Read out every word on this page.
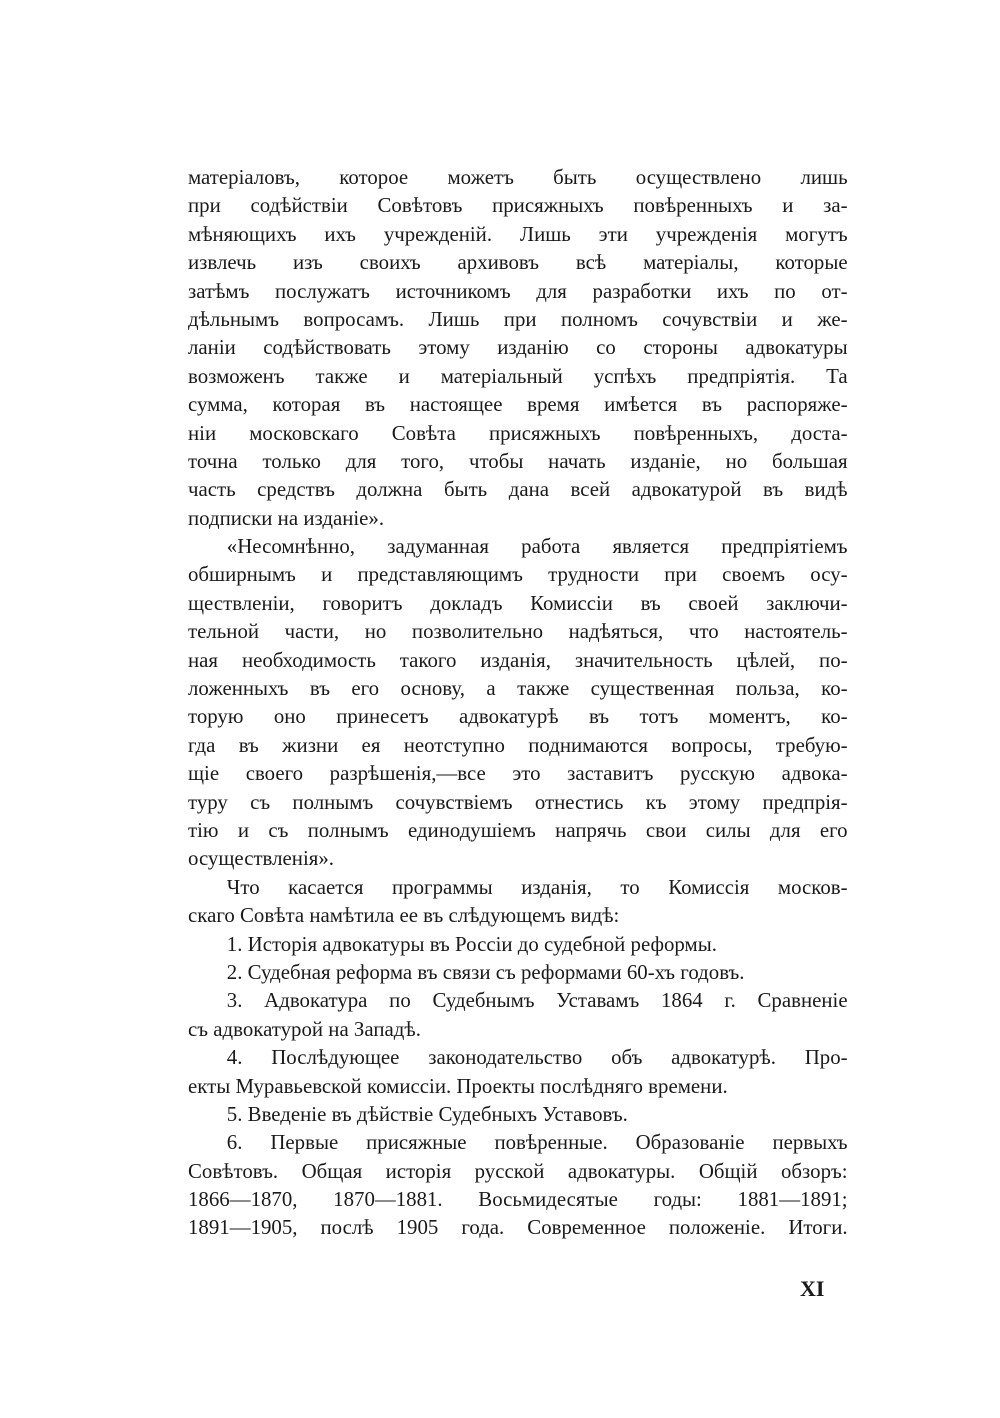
матеріаловъ, которое можетъ быть осуществлено лишь
при содѣйствіи Совѣтовъ присяжныхъ повѣренныхъ и за-
мѣняющихъ ихъ учрежденій. Лишь эти учрежденія могутъ
извлечь изъ своихъ архивовъ всѣ матеріалы, которые
затѣмъ послужатъ источникомъ для разработки ихъ по от-
дѣльнымъ вопросамъ. Лишь при полномъ сочувствіи и же-
ланіи содѣйствовать этому изданію со стороны адвокатуры
возможенъ также и матеріальный успѣхъ предпріятія. Та
сумма, которая въ настоящее время имѣется въ распоряже-
ніи московскаго Совѣта присяжныхъ повѣренныхъ, доста-
точна только для того, чтобы начать изданіе, но большая
часть средствъ должна быть дана всей адвокатурой въ видѣ
подписки на изданіе».
«Несомнѣнно, задуманная работа является предпріятіемъ
обширнымъ и представляющимъ трудности при своемъ осу-
ществленіи, говоритъ докладъ Комиссіи въ своей заключи-
тельной части, но позволительно надѣяться, что настоятель-
ная необходимость такого изданія, значительность цѣлей, по-
ложенныхъ въ его основу, а также существенная польза, ко-
торую оно принесетъ адвокатурѣ въ тотъ моментъ, ко-
гда въ жизни ея неотступно поднимаются вопросы, требую-
щіе своего разрѣшенія,—все это заставитъ русскую адвока-
туру съ полнымъ сочувствіемъ отнестись къ этому предпрія-
тію и съ полнымъ единодушіемъ напрячь свои силы для его
осуществленія».
Что касается программы изданія, то Комиссія москов-
скаго Совѣта намѣтила ее въ слѣдующемъ видѣ:
1. Исторія адвокатуры въ Россіи до судебной реформы.
2. Судебная реформа въ связи съ реформами 60-хъ годовъ.
3. Адвокатура по Судебнымъ Уставамъ 1864 г. Сравненіе
съ адвокатурой на Западѣ.
4. Послѣдующее законодательство объ адвокатурѣ. Про-
екты Муравьевской комиссіи. Проекты послѣдняго времени.
5. Введеніе въ дѣйствіе Судебныхъ Уставовъ.
6. Первые присяжные повѣренные. Образованіе первыхъ
Совѣтовъ. Общая исторія русской адвокатуры. Общій обзоръ:
1866—1870, 1870—1881. Восьмидесятые годы: 1881—1891;
1891—1905, послѣ 1905 года. Современное положеніе. Итоги.
XI
